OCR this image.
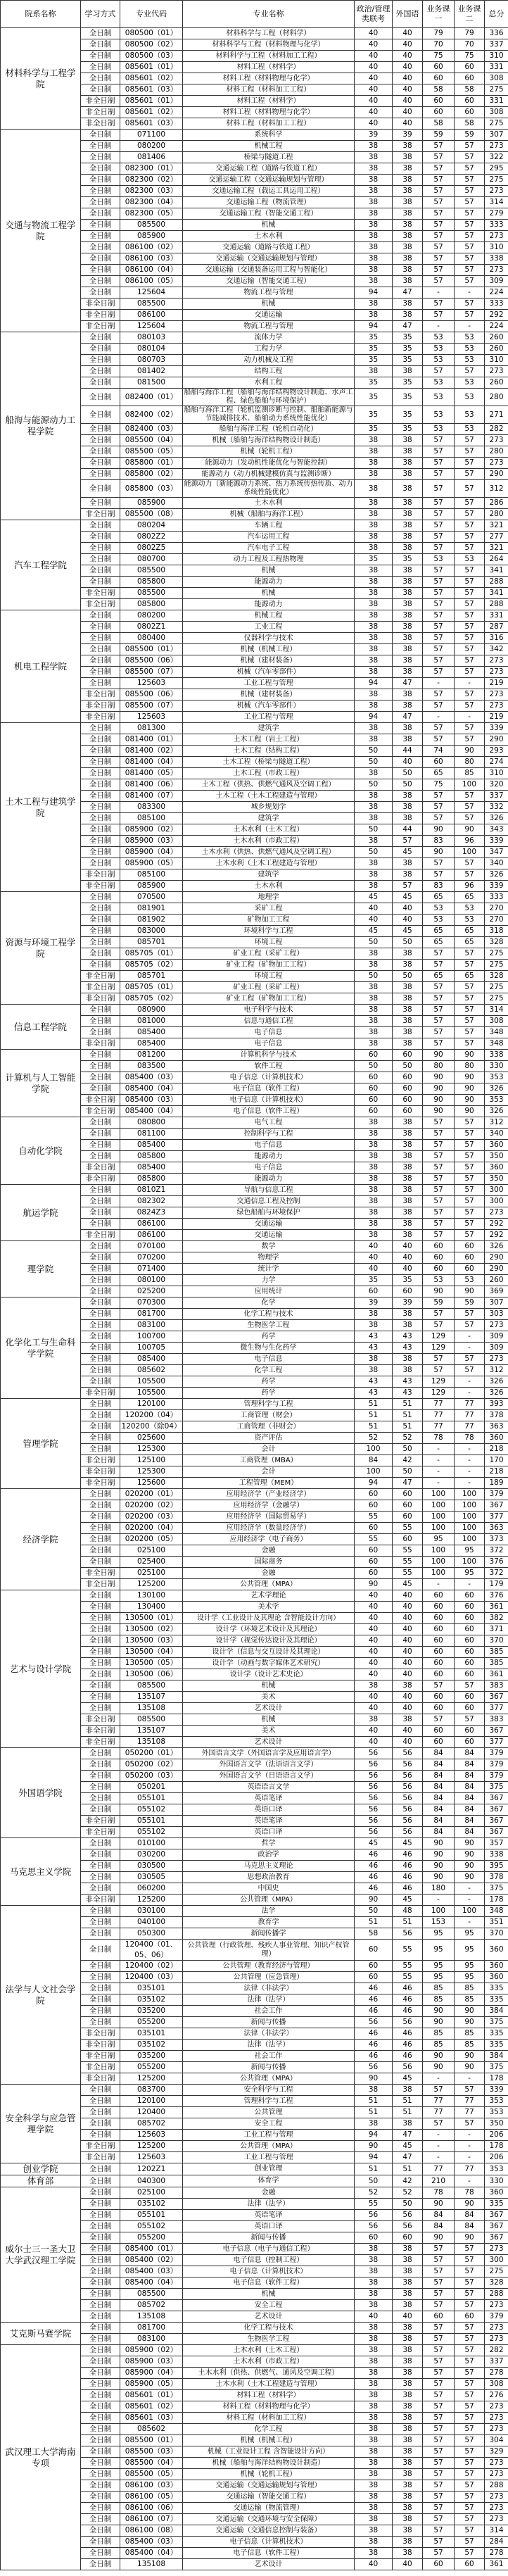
院系名称	学习方式	专业代码	专业名称	政治/管理类联考	外国语	业务课一	业务课二	总分
材料科学与工程学院	全日制	080500（01）	材料科学与工程（材料学）	40	40	79	79	336
	全日制	080500（02）	材料科学与工程（材料物理与化学）	40	40	70	70	337
	全日制	080500（03）	材料科学与工程（材料加工工程）	40	40	75	75	310
	全日制	085601（01）	材料工程（材料学）	40	40	60	60	331
	全日制	085601（02）	材料工程（材料物理与化学）	40	40	60	60	308
	全日制	085601（03）	材料工程（材料加工工程）	40	40	58	58	275
	非全日制	085601（01）	材料工程（材料学）	40	40	60	60	331
	非全日制	085601（02）	材料工程（材料物理与化学）	40	40	60	60	308
	非全日制	085601（03）	材料工程（材料加工工程）	40	40	58	58	275
交通与物流工程学院	全日制	071100	系统科学	39	39	59	59	307
	全日制	080200	机械工程	38	38	57	57	273
	全日制	081406	桥梁与隧道工程	38	38	57	57	322
	全日制	082300（01）	交通运输工程（道路与铁道工程）	38	38	57	57	295
	全日制	082300（02）	交通运输工程（交通运输规划与管理）	38	38	57	57	275
	全日制	082300（03）	交通运输工程（载运工具运用工程）	38	38	57	57	273
	全日制	082300（04）	交通运输工程（物流管理）	38	38	57	57	314
	全日制	082300（05）	交通运输工程（智能交通工程）	38	38	57	57	279
	全日制	085500	机械	38	38	57	57	333
	全日制	085900	土木水利	38	38	57	57	273
	全日制	086100（02）	交通运输（道路与铁道工程）	38	38	57	57	310
	全日制	086100（03）	交通运输（交通运输规划与管理）	38	38	57	57	338
	全日制	086100（04）	交通运输（交通装备运用工程与智能化）	38	38	57	57	273
	全日制	086100（05）	交通运输（智能交通工程）	38	38	57	57	309
	全日制	125604	物流工程与管理	94	47	-	-	224
	非全日制	085500	机械	38	38	57	57	333
	非全日制	086100	交通运输	38	38	57	57	292
	非全日制	125604	物流工程与管理	94	47	-	-	224
船海与能源动力工程学院	全日制	080103	流体力学	35	35	53	53	260
	全日制	080104	工程力学	35	35	53	53	260
	全日制	080703	动力机械及工程	35	35	53	53	310
	全日制	081402	结构工程	38	38	57	57	273
	全日制	081500	水利工程	35	35	53	53	260
	全日制	082400（01）	船舶与海洋工程（船舶与海洋结构物设计制造、水声工程、绿色船舶与环境保护）	35	35	53	53	280
	全日制	082400（02）	船舶与海洋工程（轮机监测诊断与控制、船舶新能源与节能减排技术、船舶动力系统性能优化）	35	35	53	53	271
	全日制	082400（03）	船舶与海洋工程（轮机自动化）	35	35	53	53	282
	全日制	085500（04）	机械（船舶与海洋结构物设计制造）	38	38	57	57	273
	全日制	085500（05）	机械（轮机工程）	38	38	57	57	280
	全日制	085800（01）	能源动力（发动机性能优化与智能控制）	38	38	57	57	273
	全日制	085800（02）	能源动力（动力机械建模仿真与监测诊断）	38	38	57	57	290
	全日制	085800（03）	能源动力（新能源动力系统、热力系统传热传质、动力系统性能优化）	38	38	57	57	312
	全日制	085900	土木水利	38	38	57	57	286
	非全日制	085500（08）	机械（船舶与海洋工程）	38	38	57	57	280
汽车工程学院	全日制	080204	车辆工程	38	38	57	57	321
	全日制	0802Z2	汽车运用工程	38	38	57	57	277
	全日制	0802Z5	汽车电子工程	38	38	57	57	321
	全日制	080700	动力工程及工程热物理	35	35	53	53	264
	全日制	085500	机械	38	38	57	57	341
	全日制	085800	能源动力	38	38	57	57	288
	非全日制	085500	机械	38	38	57	57	341
	非全日制	085800	能源动力	38	38	57	57	288
机电工程学院	全日制	080200	机械工程	38	38	57	57	331
	全日制	0802Z1	工业工程	38	38	57	57	287
	全日制	080400	仪器科学与技术	38	38	57	57	316
	全日制	085500（01）	机械（机械工程）	38	38	57	57	342
	全日制	085500（06）	机械（建材装备）	38	38	57	57	273
	全日制	085500（07）	机械（汽车零部件）	38	38	57	57	273
	全日制	125603	工业工程与管理	94	47	-	-	219
	非全日制	085500（06）	机械（建材装备）	38	38	57	57	273
	非全日制	085500（07）	机械（汽车零部件）	38	38	57	57	273
	非全日制	125603	工业工程与管理	94	47	-	-	219
土木工程与建筑学院	全日制	081300	建筑学	38	38	57	57	339
	全日制	081400（01）	土木工程（岩土工程）	38	38	57	57	290
	全日制	081400（02）	土木工程（结构工程）	50	44	74	90	293
	全日制	081400（04）	土木工程（桥梁与隧道工程）	50	40	60	80	274
	全日制	081400（05）	土木工程（市政工程）	38	50	65	85	310
	全日制	081400（06）	土木工程（供热、供燃气通风及空调工程）	50	50	75	100	320
	全日制	081400（07）	土木工程（土木工程建造与管理）	38	38	57	57	337
	全日制	083300	城乡规划学	38	38	57	57	332
	全日制	085100	建筑学	38	38	57	57	326
	全日制	085900（02）	土木水利（土木工程）	50	44	90	90	343
	全日制	085900（03）	土木水利（市政工程）	38	57	83	96	339
	全日制	085900（04）	土木水利（供热、供燃气通风及空调工程）	50	45	90	100	347
	全日制	085900（05）	土木水利（土木工程建造与管理）	38	38	57	57	340
	非全日制	085100	建筑学	38	38	57	57	326
	非全日制	085900	土木水利	38	57	83	96	339
资源与环境工程学院	全日制	070500	地理学	45	45	65	65	333
	全日制	081901	采矿工程	40	40	53	53	270
	全日制	081902	矿物加工工程	40	40	53	53	270
	全日制	083000	环境科学与工程	45	45	65	65	318
	全日制	085701	环境工程	50	50	65	65	328
	全日制	085705（01）	矿业工程（采矿工程）	38	38	57	57	275
	全日制	085705（02）	矿业工程（矿物加工工程）	38	38	57	57	275
	非全日制	085701	环境工程	50	50	65	65	328
	非全日制	085705（01）	矿业工程（采矿工程）	38	38	57	57	275
	非全日制	085705（02）	矿业工程（矿物加工工程）	38	38	57	57	275
信息工程学院	全日制	080900	电子科学与技术	38	38	57	57	314
	全日制	081000	信息与通信工程	38	38	57	57	308
	全日制	085400	电子信息	38	38	57	57	348
	非全日制	085400	电子信息	38	38	57	57	348
计算机与人工智能学院	全日制	081200	计算机科学与技术	60	60	90	90	338
	全日制	083500	软件工程	50	50	80	80	330
	全日制	085400（03）	电子信息（计算机技术）	60	60	90	90	353
	全日制	085400（04）	电子信息（软件工程）	60	60	90	90	326
	非全日制	085400（03）	电子信息（计算机技术）	60	60	90	90	353
	非全日制	085400（04）	电子信息（软件工程）	60	60	90	90	326
自动化学院	全日制	080800	电气工程	38	38	57	57	312
	全日制	081100	控制科学与工程	38	38	57	57	340
	全日制	085400	电子信息	38	38	57	57	360
	全日制	085800	能源动力	38	38	57	57	350
	非全日制	085400	电子信息	38	38	57	57	360
	非全日制	085800	能源动力	38	38	57	57	350
航运学院	全日制	0810Z1	导航与信息工程	38	38	57	57	300
	全日制	082302	交通信息工程及控制	38	38	57	57	300
	全日制	0824Z3	绿色船舶与环境保护	38	38	57	57	273
	全日制	086100	交通运输	38	38	57	57	292
	非全日制	086100	交通运输	38	38	57	57	292
理学院	全日制	070100	数学	40	40	60	60	326
	全日制	070200	物理学	40	40	60	60	290
	全日制	071400	统计学	40	40	60	60	290
	全日制	080100	力学	35	35	53	53	260
	全日制	025200	应用统计	60	60	90	90	369
化学化工与生命科学学院	全日制	070300	化学	39	39	59	59	307
	全日制	081700	化学工程与技术	38	38	57	57	303
	全日制	083100	生物医学工程	38	38	57	57	273
	全日制	100700	药学	43	43	129	-	309
	全日制	100705	微生物与生化药学	43	43	129	-	309
	全日制	085400	电子信息	38	38	57	57	273
	全日制	085602	化学工程	38	38	57	57	312
	全日制	105500	药学	43	43	129	-	326
	非全日制	105500	药学	43	43	129	-	326
管理学院	全日制	120100	管理科学与工程	51	51	77	77	393
	全日制	120200（04）	工商管理（财会）	51	51	77	77	378
	全日制	120200（除04）	工商管理（非财会）	51	51	77	77	363
	全日制	025600	资产评估	52	52	78	78	360
	全日制	125300	会计	100	50	-	-	218
	非全日制	125100	工商管理（MBA）	84	42	-	-	170
	非全日制	125300	会计	100	50	-	-	218
	非全日制	125600	工程管理（MEM）	94	47	-	-	189
经济学院	全日制	020200（01）	应用经济学（产业经济学）	60	60	100	100	379
	全日制	020200（02）	应用经济学（金融学）	60	60	100	100	367
	全日制	020200（03）	应用经济学（国际贸易学）	55	60	100	100	377
	全日制	020200（04）	应用经济学（数量经济学）	60	55	100	100	363
	全日制	020200（05）	应用经济学（电子商务）	55	60	95	100	373
	全日制	025100	金融	60	55	100	95	372
	全日制	025400	国际商务	60	55	100	100	376
	非全日制	025100	金融	60	55	100	95	372
	非全日制	125200	公共管理（MPA）	90	45	-	-	179
艺术与设计学院	全日制	130100	艺术学理论	40	40	60	60	376
	全日制	130400	美术学	40	40	60	60	361
	全日制	130500（01）	设计学（工业设计及其理论 含智能设计方向）	40	40	60	60	382
	全日制	130500（02）	设计学（环境艺术设计及其理论）	40	40	60	60	371
	全日制	130500（03）	设计学（视觉传达设计及其理论）	40	40	60	60	370
	全日制	130500（04）	设计学（信息与交互设计及其理论）	40	40	60	60	385
	全日制	130500（05）	设计学（动画与数字媒体艺术研究）	40	40	60	60	385
	全日制	130500（06）	设计学（设计艺术史论）	40	40	60	60	361
	全日制	085500	机械	38	38	57	57	383
	全日制	135107	美术	40	40	60	60	367
	全日制	135108	艺术设计	40	40	60	60	377
	非全日制	085500	机械	38	38	57	57	383
	非全日制	135107	美术	40	40	60	60	367
	非全日制	135108	艺术设计	40	40	60	60	377
外国语学院	全日制	050200（01）	外国语言文学（外国语言学及应用语言学）	56	56	84	84	379
	全日制	050200（02）	外国语言文学（法语语言文学）	56	56	84	84	379
	全日制	050200（03）	外国语言文学（日语语言文学）	56	56	84	84	379
	全日制	050201	英语语言文学	56	56	84	84	375
	全日制	055101	英语笔译	56	56	84	84	367
	全日制	055102	英语口译	56	56	84	84	367
	非全日制	055101	英语笔译	56	56	84	84	367
	非全日制	055102	英语口译	56	56	84	84	367
马克思主义学院	全日制	010100	哲学	45	45	90	90	357
	全日制	030200	政治学	46	46	90	90	338
	全日制	030500	马克思主义理论	46	46	90	90	395
	全日制	030505	思想政治教育	46	46	90	90	378
	全日制	060200	中国史	46	46	180	-	375
	非全日制	125200	公共管理（MPA）	90	45	-	-	178
法学与人文社会学院	全日制	030100	法学	50	48	100	100	348
	全日制	040100	教育学	51	51	153	-	351
	全日制	050300	新闻传播学	58	56	95	95	370
	全日制	120400（01、05、06）	公共管理（行政管理、残疾人事业管理、知识产权管理）	60	55	95	95	360
	全日制	120400（02）	公共管理（教育经济与管理）	60	55	95	95	360
	全日制	120400（03）	公共管理（应急管理）	60	55	95	95	360
	全日制	035101	法律（非法学）	46	46	85	85	335
	全日制	035102	法律（法学）	46	46	85	85	335
	全日制	035200	社会工作	46	46	90	90	384
	全日制	055200	新闻与传播	56	56	90	90	375
	非全日制	035101	法律（非法学）	46	46	85	85	335
	非全日制	035102	法律（法学）	46	46	85	85	335
	非全日制	035200	社会工作	46	46	90	90	384
	非全日制	055200	新闻与传播	56	56	90	90	375
	非全日制	125200	公共管理（MPA）	90	45	-	-	178
安全科学与应急管理学院	全日制	083700	安全科学与工程	38	38	57	57	339
	全日制	120100	管理科学与工程	51	51	77	77	353
	全日制	120400	公共管理	51	51	77	77	353
	全日制	085702	安全工程	38	38	57	57	350
	全日制	125603	工业工程与管理	94	47	-	-	206
	非全日制	125200	公共管理（MPA）	90	45	-	-	178
	非全日制	125603	工业工程与管理	94	47	-	-	206
创业学院	全日制	1202Z1	创业管理	51	51	77	77	353
体育部	全日制	040300	体育学	50	42	210	-	330
威尔士三一圣大卫大学武汉理工学院	全日制	025100	金融	52	52	78	78	360
	全日制	035102	法律（法学）	55	50	90	90	335
	全日制	055101	英语笔译	56	56	84	84	367
	全日制	055102	英语口译	56	56	84	84	367
	全日制	055200	新闻与传播	60	60	90	90	367
	全日制	085400（01）	电子信息（电子与通信工程）	38	38	57	57	273
	全日制	085400（02）	电子信息（控制工程）	38	38	57	57	300
	全日制	085400（03）	电子信息（计算机技术）	38	38	57	57	275
	全日制	085400（04）	电子信息（软件工程）	38	38	57	57	328
	全日制	085500	机械	38	38	57	57	288
	全日制	085702	安全工程	38	38	57	57	273
	全日制	135108	艺术设计	40	40	60	60	379
艾克斯马赛学院	全日制	081700	化学工程与技术	38	38	57	57	273
	全日制	083100	生物医学工程	38	38	57	57	273
武汉理工大学海南专项	全日制	085900（02）	土木水利（土木工程）	38	38	57	57	282
	全日制	085900（03）	土木水利（市政工程）	38	38	57	57	337
	全日制	085900（04）	土木水利（供热、供燃气、通风及空调工程）	38	38	57	57	278
	全日制	085900（05）	土木水利（土木工程建造与管理）	38	38	57	57	308
	全日制	085601（01）	材料工程（材料学）	38	38	57	57	276
	全日制	085601（02）	材料工程（材料物理与化学）	38	38	57	57	273
	全日制	085601（03）	材料工程（材料加工工程）	38	38	57	57	273
	全日制	085602	化学工程	38	38	57	57	273
	全日制	085500（01）	机械（机械工程）	38	38	57	57	304
	全日制	085500（03）	机械（工业设计工程 含智能设计方向）	38	38	57	57	329
	全日制	085500（04）	机械（船舶与海洋结构物设计制造）	38	38	57	57	273
	全日制	085500（05）	机械（轮机工程）	38	38	57	57	273
	全日制	086100（03）	交通运输（交通运输规划与管理）	38	38	57	57	288
	全日制	086100（05）	交通运输（智能交通工程）	38	38	57	57	273
	全日制	086100（06）	交通运输（物流管理）	38	38	57	57	273
	全日制	086100（07）	交通运输（交通环境与安全保障）	38	38	57	57	273
	全日制	086100（08）	交通运输（交通信息控制与装备）	38	38	57	57	314
	全日制	085400（03）	电子信息（计算机技术）	38	38	57	57	284
	全日制	085400（04）	电子信息（软件工程）	38	38	57	57	278
	全日制	135108	艺术设计	40	40	60	60	361
